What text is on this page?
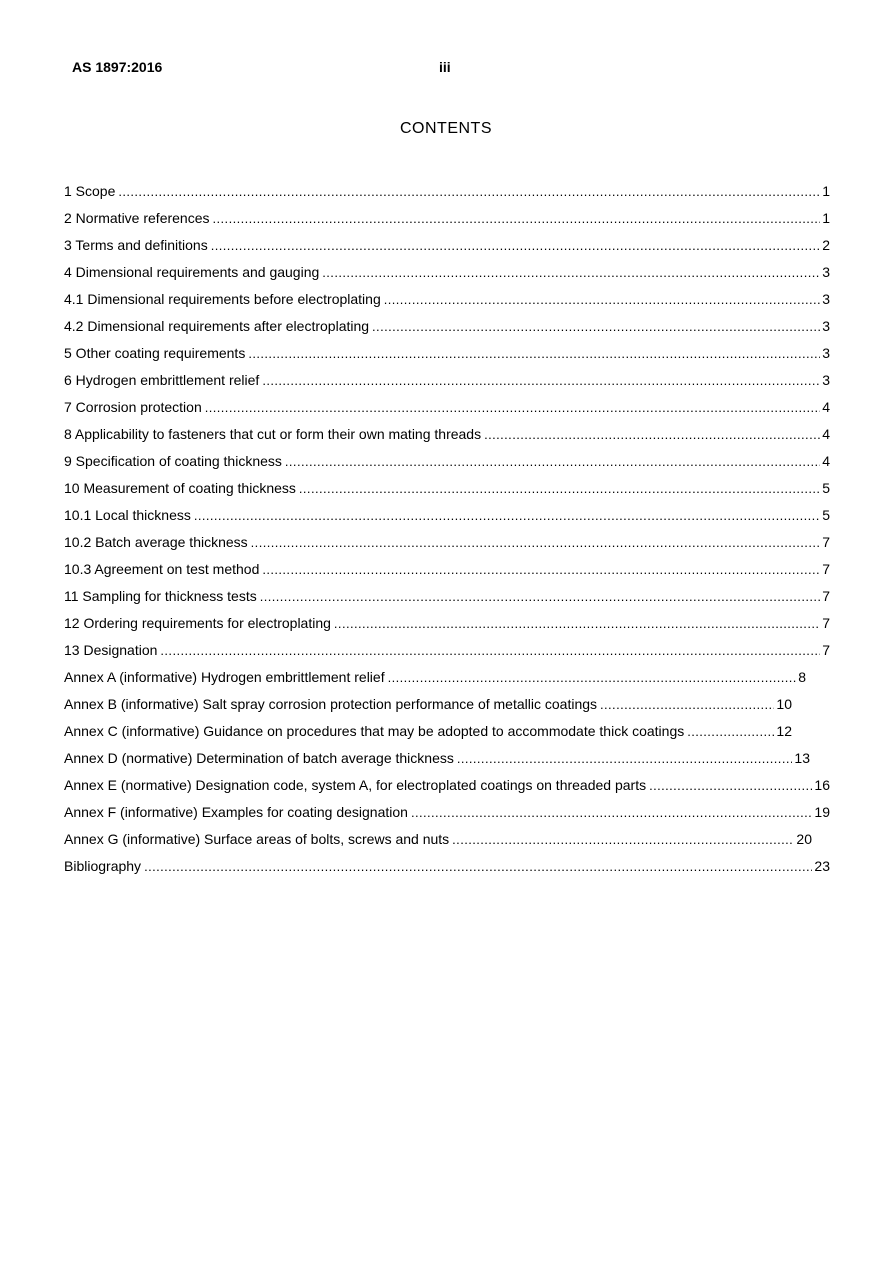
AS 1897:2016	iii
CONTENTS
1 Scope .....	1
2 Normative references .....	1
3 Terms and definitions .....	2
4 Dimensional requirements and gauging .....	3
4.1 Dimensional requirements before electroplating .....	3
4.2 Dimensional requirements after electroplating .....	3
5 Other coating requirements .....	3
6 Hydrogen embrittlement relief .....	3
7 Corrosion protection .....	4
8 Applicability to fasteners that cut or form their own mating threads .....	4
9 Specification of coating thickness .....	4
10 Measurement of coating thickness .....	5
10.1 Local thickness .....	5
10.2 Batch average thickness .....	7
10.3 Agreement on test method .....	7
11 Sampling for thickness tests .....	7
12 Ordering requirements for electroplating .....	7
13 Designation .....	7
Annex A (informative) Hydrogen embrittlement relief .....	8
Annex B (informative) Salt spray corrosion protection performance of metallic coatings .....	10
Annex C (informative) Guidance on procedures that may be adopted to accommodate thick coatings .....	12
Annex D (normative) Determination of batch average thickness .....	13
Annex E (normative) Designation code, system A, for electroplated coatings on threaded parts .....	16
Annex F (informative) Examples for coating designation .....	19
Annex G (informative) Surface areas of bolts, screws and nuts .....	20
Bibliography .....	23
